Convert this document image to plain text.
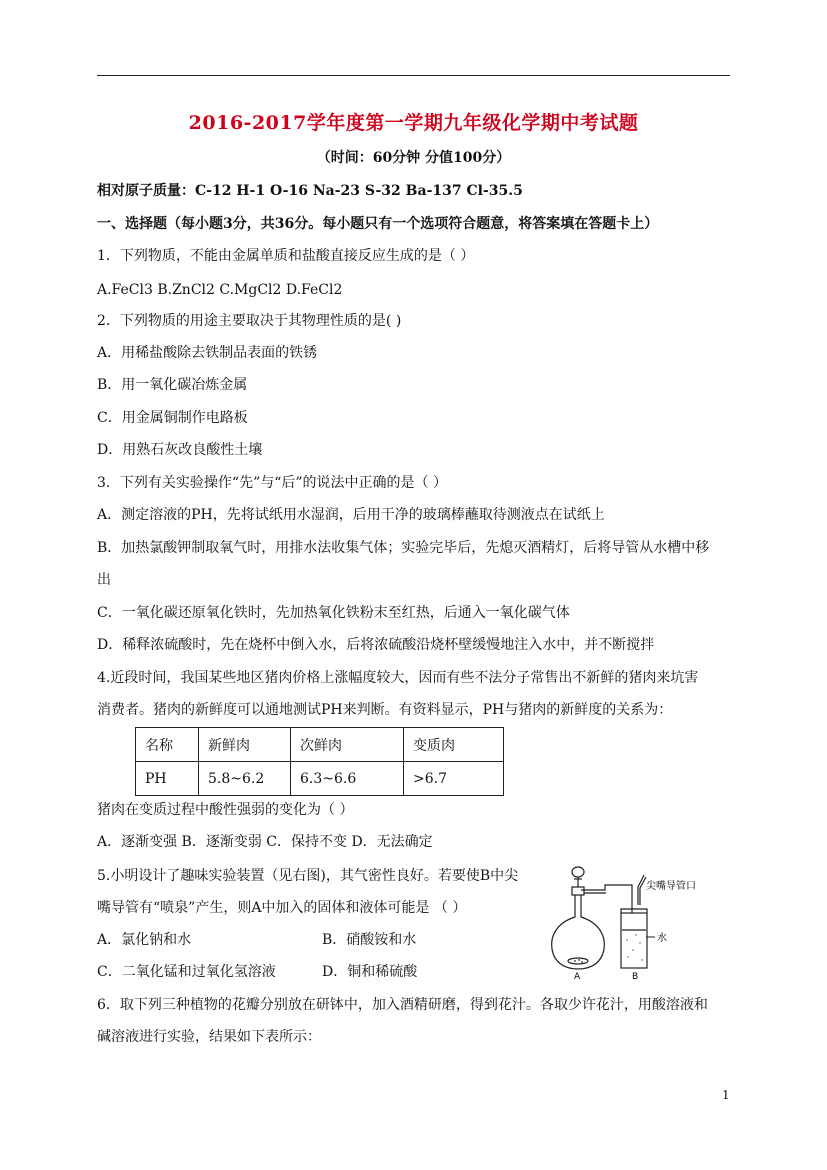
2016-2017学年度第一学期九年级化学期中考试题
（时间：60分钟 分值100分）
相对原子质量：C-12 H-1 O-16 Na-23 S-32 Ba-137 Cl-35.5
一、选择题（每小题3分，共36分。每小题只有一个选项符合题意，将答案填在答题卡上）
1．下列物质，不能由金属单质和盐酸直接反应生成的是（ ）
A.FeCl3 B.ZnCl2 C.MgCl2 D.FeCl2
2．下列物质的用途主要取决于其物理性质的是( )
A．用稀盐酸除去铁制品表面的铁锈
B．用一氧化碳冶炼金属
C．用金属铜制作电路板
D．用熟石灰改良酸性土壤
3．下列有关实验操作“先”与“后”的说法中正确的是（ ）
A．测定溶液的PH，先将试纸用水湿润，后用干净的玻璃棒蘸取待测液点在试纸上
B．加热氯酸钾制取氧气时，用排水法收集气体；实验完毕后，先熄灭酒精灯，后将导管从水槽中移
出
C．一氧化碳还原氧化铁时，先加热氧化铁粉末至红热，后通入一氧化碳气体
D．稀释浓硫酸时，先在烧杯中倒入水，后将浓硫酸沿烧杯壁缓慢地注入水中，并不断搅拌
4.近段时间，我国某些地区猪肉价格上涨幅度较大，因而有些不法分子常售出不新鲜的猪肉来坑害
消费者。猪肉的新鲜度可以通地测试PH来判断。有资料显示，PH与猪肉的新鲜度的关系为：
名称	新鲜肉	次鲜肉	变质肉
PH	5.8~6.2	6.3~6.6	>6.7
猪肉在变质过程中酸性强弱的变化为（ ）
A．逐渐变强 B．逐渐变弱 C．保持不变 D．无法确定
5.小明设计了趣味实验装置（见右图)，其气密性良好。若要使B中尖
嘴导管有“喷泉”产生，则A中加入的固体和液体可能是 （ ）
A．氯化钠和水	B．硝酸铵和水
C．二氧化锰和过氧化氢溶液	D．铜和稀硫酸
尖嘴导管口
水
A	B
6．取下列三种植物的花瓣分别放在研钵中，加入酒精研磨，得到花汁。各取少许花汁，用酸溶液和
碱溶液进行实验，结果如下表所示：
1
